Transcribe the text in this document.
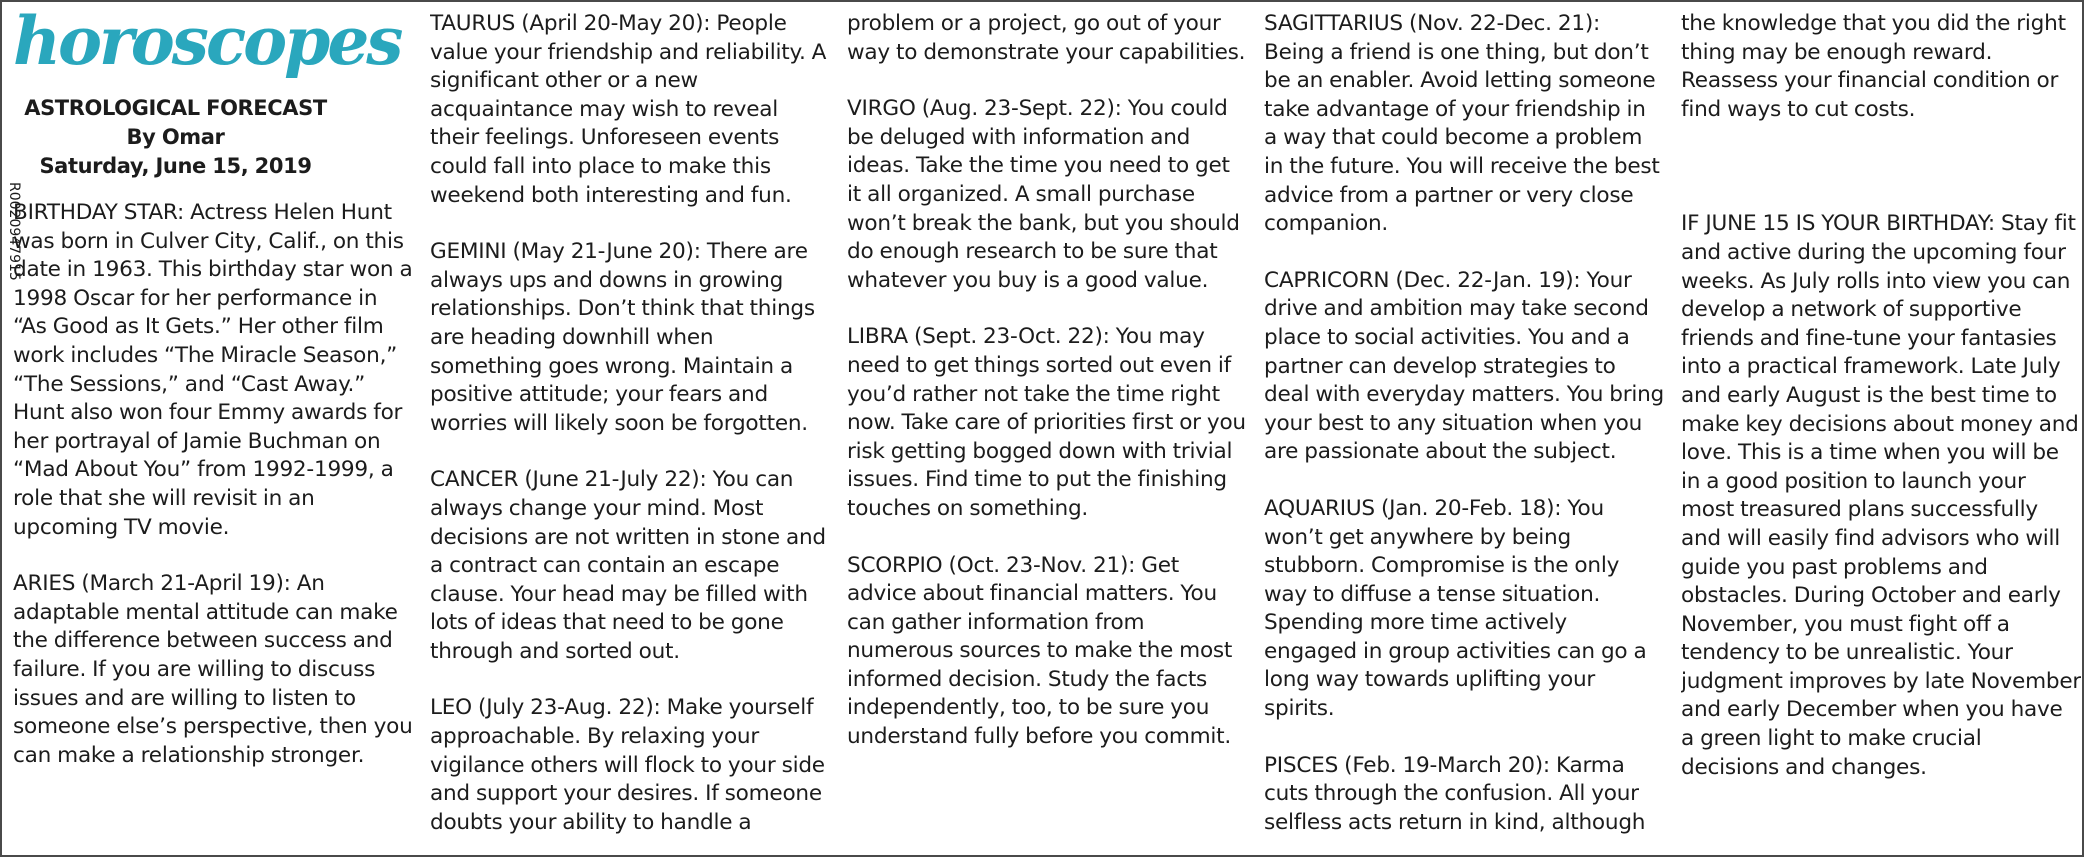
R0020947915
horoscopes
ASTROLOGICAL FORECAST
By Omar
Saturday, June 15, 2019

BIRTHDAY STAR: Actress Helen Hunt was born in Culver City, Calif., on this date in 1963. This birthday star won a 1998 Oscar for her performance in “As Good as It Gets.” Her other film work includes “The Miracle Season,” “The Sessions,” and “Cast Away.” Hunt also won four Emmy awards for her portrayal of Jamie Buchman on “Mad About You” from 1992-1999, a role that she will revisit in an upcoming TV movie.

ARIES (March 21-April 19): An adaptable mental attitude can make the difference between success and failure. If you are willing to discuss issues and are willing to listen to someone else’s perspective, then you can make a relationship stronger.

TAURUS (April 20-May 20): People value your friendship and reliability. A significant other or a new acquaintance may wish to reveal their feelings. Unforeseen events could fall into place to make this weekend both interesting and fun.

GEMINI (May 21-June 20): There are always ups and downs in growing relationships. Don’t think that things are heading downhill when something goes wrong. Maintain a positive attitude; your fears and worries will likely soon be forgotten.

CANCER (June 21-July 22): You can always change your mind. Most decisions are not written in stone and a contract can contain an escape clause. Your head may be filled with lots of ideas that need to be gone through and sorted out.

LEO (July 23-Aug. 22): Make yourself approachable. By relaxing your vigilance others will flock to your side and support your desires. If someone doubts your ability to handle a

problem or a project, go out of your way to demonstrate your capabilities.

VIRGO (Aug. 23-Sept. 22): You could be deluged with information and ideas. Take the time you need to get it all organized. A small purchase won’t break the bank, but you should do enough research to be sure that whatever you buy is a good value.

LIBRA (Sept. 23-Oct. 22): You may need to get things sorted out even if you’d rather not take the time right now. Take care of priorities first or you risk getting bogged down with trivial issues. Find time to put the finishing touches on something.

SCORPIO (Oct. 23-Nov. 21): Get advice about financial matters. You can gather information from numerous sources to make the most informed decision. Study the facts independently, too, to be sure you understand fully before you commit.

SAGITTARIUS (Nov. 22-Dec. 21): Being a friend is one thing, but don’t be an enabler. Avoid letting someone take advantage of your friendship in a way that could become a problem in the future. You will receive the best advice from a partner or very close companion.

CAPRICORN (Dec. 22-Jan. 19): Your drive and ambition may take second place to social activities. You and a partner can develop strategies to deal with everyday matters. You bring your best to any situation when you are passionate about the subject.

AQUARIUS (Jan. 20-Feb. 18): You won’t get anywhere by being stubborn. Compromise is the only way to diffuse a tense situation. Spending more time actively engaged in group activities can go a long way towards uplifting your spirits.

PISCES (Feb. 19-March 20): Karma cuts through the confusion. All your selfless acts return in kind, although

the knowledge that you did the right thing may be enough reward. Reassess your financial condition or find ways to cut costs.

IF JUNE 15 IS YOUR BIRTHDAY: Stay fit and active during the upcoming four weeks. As July rolls into view you can develop a network of supportive friends and fine-tune your fantasies into a practical framework. Late July and early August is the best time to make key decisions about money and love. This is a time when you will be in a good position to launch your most treasured plans successfully and will easily find advisors who will guide you past problems and obstacles. During October and early November, you must fight off a tendency to be unrealistic. Your judgment improves by late November and early December when you have a green light to make crucial decisions and changes.
